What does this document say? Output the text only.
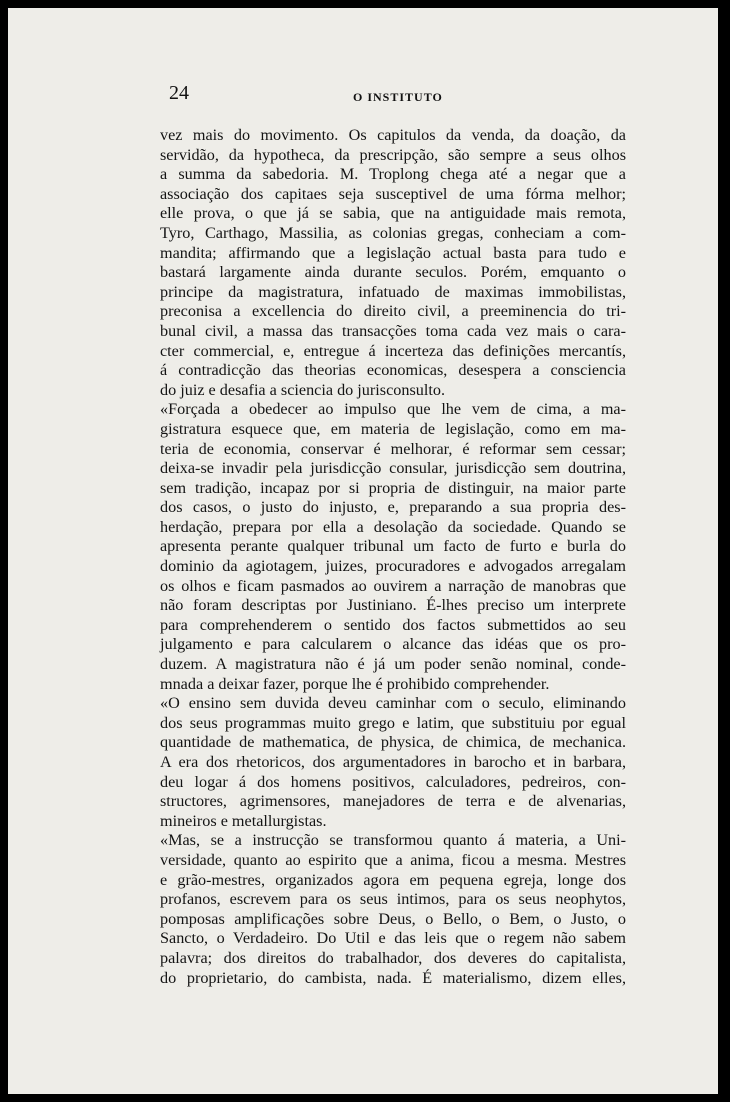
24	O INSTITUTO

vez mais do movimento. Os capitulos da venda, da doação, da
servidão, da hypotheca, da prescripção, são sempre a seus olhos
a summa da sabedoria. M. Troplong chega até a negar que a
associação dos capitaes seja susceptivel de uma fórma melhor;
elle prova, o que já se sabia, que na antiguidade mais remota,
Tyro, Carthago, Massilia, as colonias gregas, conheciam a com-
mandita; affirmando que a legislação actual basta para tudo e
bastará largamente ainda durante seculos. Porém, emquanto o
principe da magistratura, infatuado de maximas immobilistas,
preconisa a excellencia do direito civil, a preeminencia do tri-
bunal civil, a massa das transacções toma cada vez mais o cara-
cter commercial, e, entregue á incerteza das definições mercantís,
á contradicção das theorias economicas, desespera a consciencia
do juiz e desafia a sciencia do jurisconsulto.

«Forçada a obedecer ao impulso que lhe vem de cima, a ma-
gistratura esquece que, em materia de legislação, como em ma-
teria de economia, conservar é melhorar, é reformar sem cessar;
deixa-se invadir pela jurisdicção consular, jurisdicção sem doutrina,
sem tradição, incapaz por si propria de distinguir, na maior parte
dos casos, o justo do injusto, e, preparando a sua propria des-
herdação, prepara por ella a desolação da sociedade. Quando se
apresenta perante qualquer tribunal um facto de furto e burla do
dominio da agiotagem, juizes, procuradores e advogados arregalam
os olhos e ficam pasmados ao ouvirem a narração de manobras que
não foram descriptas por Justiniano. É-lhes preciso um interprete
para comprehenderem o sentido dos factos submettidos ao seu
julgamento e para calcularem o alcance das idéas que os pro-
duzem. A magistratura não é já um poder senão nominal, conde-
mnada a deixar fazer, porque lhe é prohibido comprehender.

«O ensino sem duvida deveu caminhar com o seculo, eliminando
dos seus programmas muito grego e latim, que substituiu por egual
quantidade de mathematica, de physica, de chimica, de mechanica.
A era dos rhetoricos, dos argumentadores in barocho et in barbara,
deu logar á dos homens positivos, calculadores, pedreiros, con-
structores, agrimensores, manejadores de terra e de alvenarias,
mineiros e metallurgistas.

«Mas, se a instrucção se transformou quanto á materia, a Uni-
versidade, quanto ao espirito que a anima, ficou a mesma. Mestres
e grão-mestres, organizados agora em pequena egreja, longe dos
profanos, escrevem para os seus intimos, para os seus neophytos,
pomposas amplificações sobre Deus, o Bello, o Bem, o Justo, o
Sancto, o Verdadeiro. Do Util e das leis que o regem não sabem
palavra; dos direitos do trabalhador, dos deveres do capitalista,
do proprietario, do cambista, nada. É materialismo, dizem elles,
